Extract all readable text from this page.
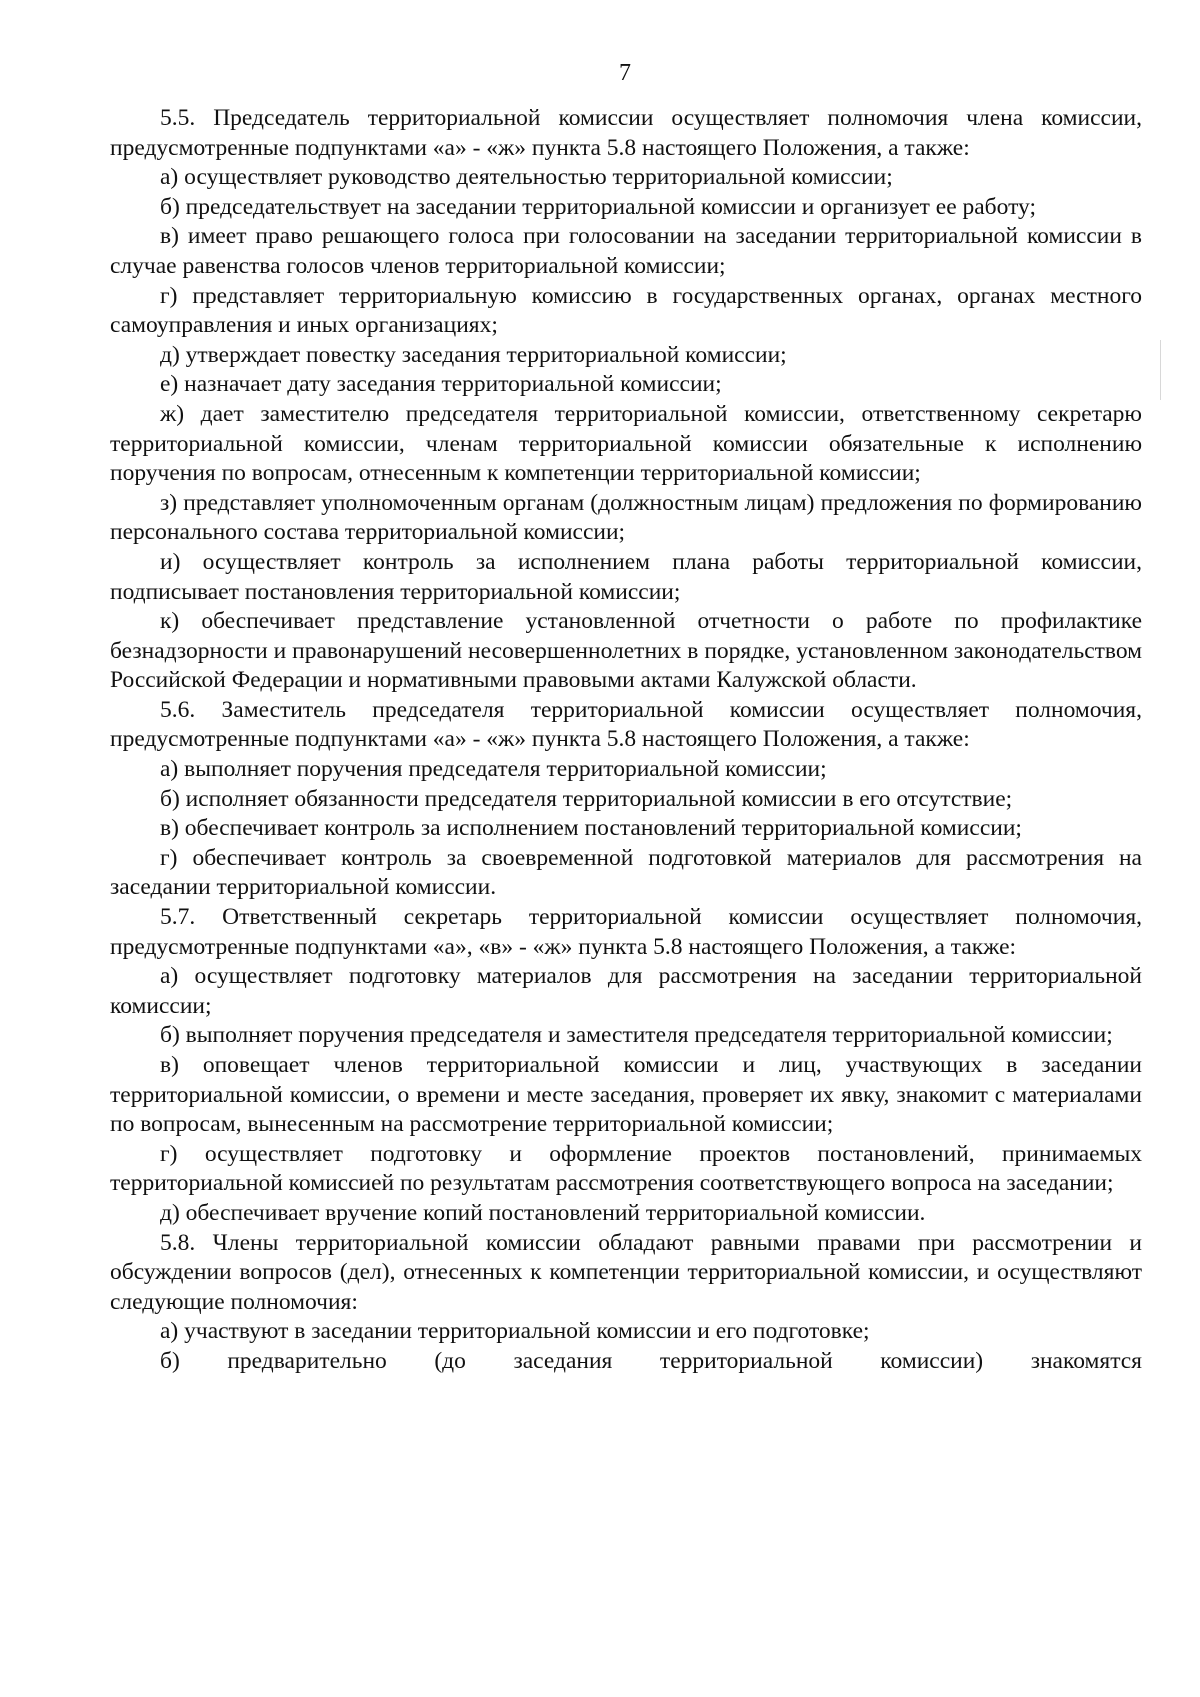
7

5.5. Председатель территориальной комиссии осуществляет полномочия члена комиссии, предусмотренные подпунктами «а» - «ж» пункта 5.8 настоящего Положения, а также:

а) осуществляет руководство деятельностью территориальной комиссии;

б) председательствует на заседании территориальной комиссии и организует ее работу;

в) имеет право решающего голоса при голосовании на заседании территориальной комиссии в случае равенства голосов членов территориальной комиссии;

г) представляет территориальную комиссию в государственных органах, органах местного самоуправления и иных организациях;

д) утверждает повестку заседания территориальной комиссии;

е) назначает дату заседания территориальной комиссии;

ж) дает заместителю председателя территориальной комиссии, ответственному секретарю территориальной комиссии, членам территориальной комиссии обязательные к исполнению поручения по вопросам, отнесенным к компетенции территориальной комиссии;

з) представляет уполномоченным органам (должностным лицам) предложения по формированию персонального состава территориальной комиссии;

и) осуществляет контроль за исполнением плана работы территориальной комиссии, подписывает постановления территориальной комиссии;

к) обеспечивает представление установленной отчетности о работе по профилактике безнадзорности и правонарушений несовершеннолетних в порядке, установленном законодательством Российской Федерации и нормативными правовыми актами Калужской области.

5.6. Заместитель председателя территориальной комиссии осуществляет полномочия, предусмотренные подпунктами «а» - «ж» пункта 5.8 настоящего Положения, а также:

а) выполняет поручения председателя территориальной комиссии;

б) исполняет обязанности председателя территориальной комиссии в его отсутствие;

в) обеспечивает контроль за исполнением постановлений территориальной комиссии;

г) обеспечивает контроль за своевременной подготовкой материалов для рассмотрения на заседании территориальной комиссии.

5.7. Ответственный секретарь территориальной комиссии осуществляет полномочия, предусмотренные подпунктами «а», «в» - «ж» пункта 5.8 настоящего Положения, а также:

а) осуществляет подготовку материалов для рассмотрения на заседании территориальной комиссии;

б) выполняет поручения председателя и заместителя председателя территориальной комиссии;

в) оповещает членов территориальной комиссии и лиц, участвующих в заседании территориальной комиссии, о времени и месте заседания, проверяет их явку, знакомит с материалами по вопросам, вынесенным на рассмотрение территориальной комиссии;

г) осуществляет подготовку и оформление проектов постановлений, принимаемых территориальной комиссией по результатам рассмотрения соответствующего вопроса на заседании;

д) обеспечивает вручение копий постановлений территориальной комиссии.

5.8. Члены территориальной комиссии обладают равными правами при рассмотрении и обсуждении вопросов (дел), отнесенных к компетенции территориальной комиссии, и осуществляют следующие полномочия:

а) участвуют в заседании территориальной комиссии и его подготовке;

б) предварительно (до заседания территориальной комиссии) знакомятся
